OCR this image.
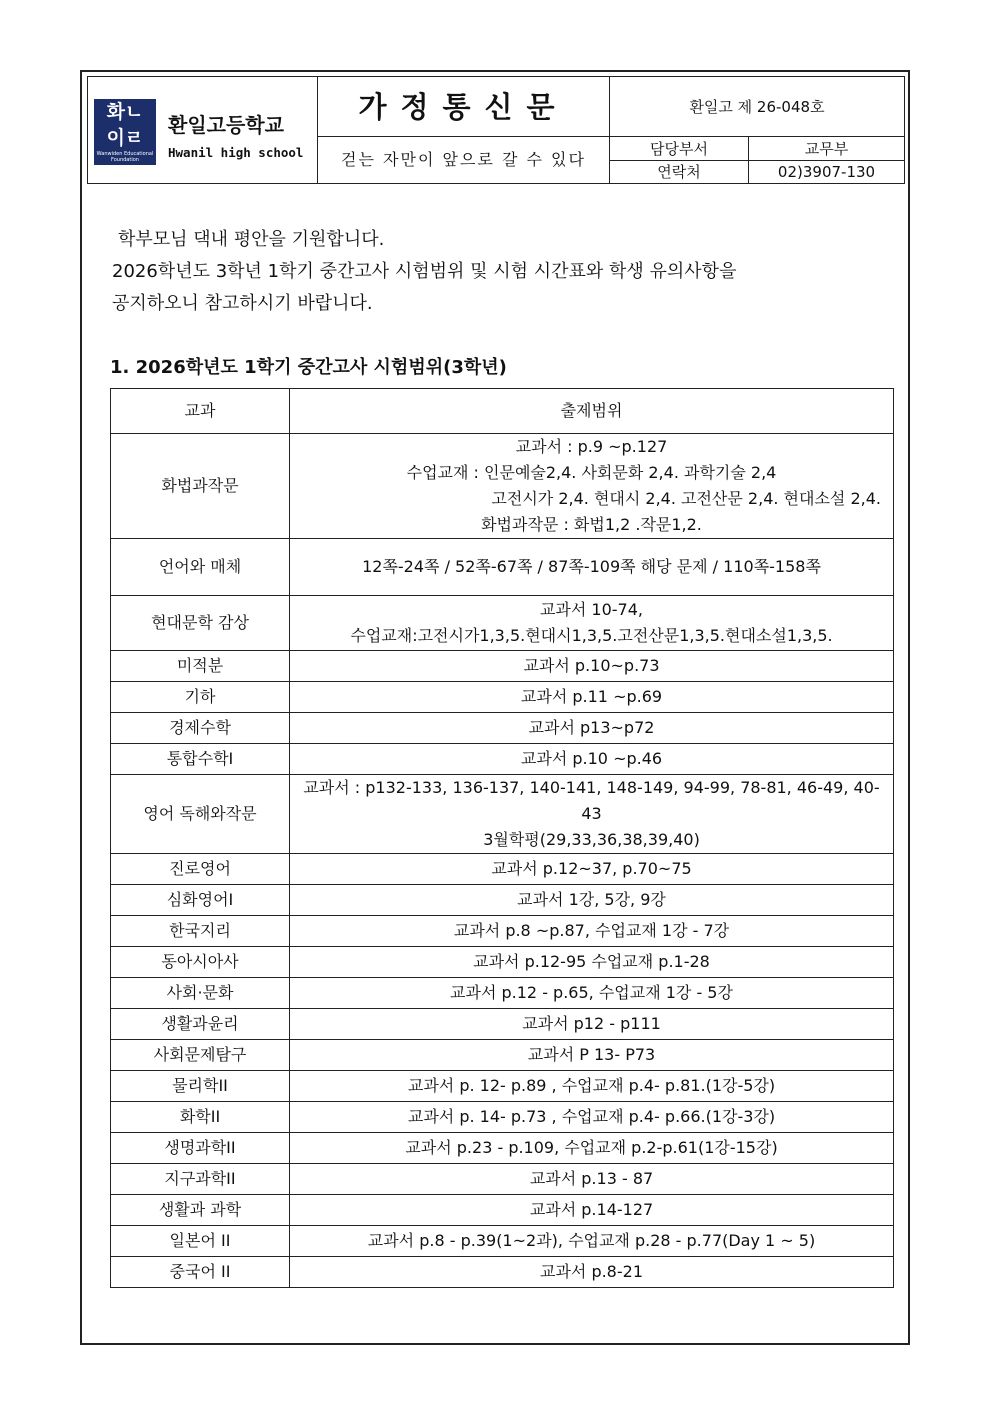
화ㄴ
이ㄹ
Wanwiden Educational Foundation
환일고등학교
Hwanil high school
가정통신문
걷는 자만이 앞으로 갈 수 있다
환일고 제 26-048호
담당부서	교무부
연락처	02)3907-130

학부모님 댁내 평안을 기원합니다.

2026학년도 3학년 1학기 중간고사 시험범위 및 시험 시간표와 학생 유의사항을

공지하오니 참고하시기 바랍니다.

1. 2026학년도 1학기 중간고사 시험범위(3학년)
교과	출제범위
화법과작문	교과서 : p.9 ~p.127
수업교재 : 인문예술2,4. 사회문화 2,4. 과학기술 2,4
고전시가 2,4. 현대시 2,4. 고전산문 2,4. 현대소설 2,4.
화법과작문 : 화법1,2 .작문1,2.

언어와 매체	12쪽-24쪽 / 52쪽-67쪽 / 87쪽-109쪽 해당 문제 / 110쪽-158쪽

현대문학 감상	교과서 10-74,
수업교재:고전시가1,3,5.현대시1,3,5.고전산문1,3,5.현대소설1,3,5.

미적분	교과서 p.10~p.73

기하	교과서 p.11 ~p.69

경제수학	교과서 p13~p72

통합수학Ⅰ	교과서 p.10 ~p.46

영어 독해와작문	교과서 : p132-133, 136-137, 140-141, 148-149, 94-99, 78-81, 46-49, 40-43
3월학평(29,33,36,38,39,40)

진로영어	교과서 p.12~37, p.70~75

심화영어Ⅰ	교과서 1강, 5강, 9강

한국지리	교과서 p.8 ~p.87, 수업교재 1강 - 7강

동아시아사	교과서 p.12-95 수업교재 p.1-28

사회·문화	교과서 p.12 - p.65, 수업교재 1강 - 5강

생활과윤리	교과서 p12 - p111

사회문제탐구	교과서 P 13- P73

물리학II	교과서 p. 12- p.89 , 수업교재 p.4- p.81.(1강-5강)

화학II	교과서 p. 14- p.73 , 수업교재 p.4- p.66.(1강-3강)

생명과학II	교과서 p.23 - p.109, 수업교재 p.2-p.61(1강-15강)

지구과학II	교과서 p.13 - 87

생활과 과학	교과서 p.14-127

일본어 II	교과서 p.8 - p.39(1~2과), 수업교재 p.28 - p.77(Day 1 ~ 5)

중국어 II	교과서 p.8-21
